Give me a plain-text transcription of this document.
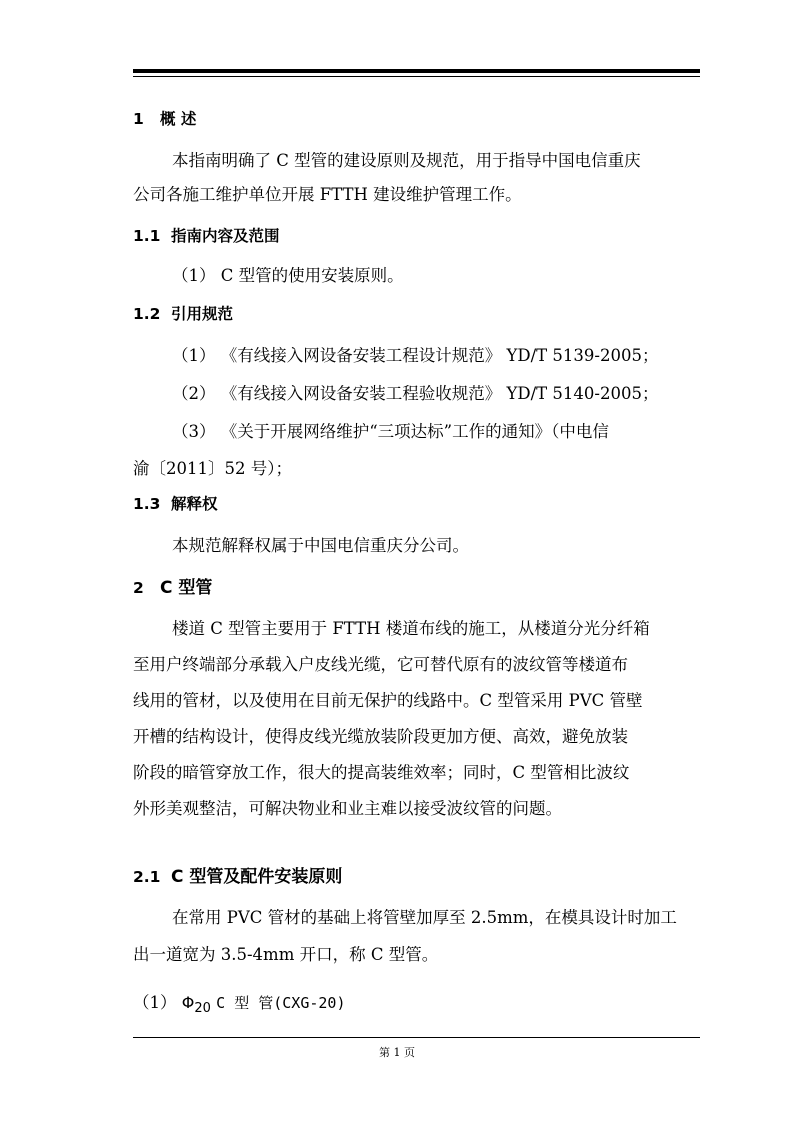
1 概 述
本指南明确了 C 型管的建设原则及规范，用于指导中国电信重庆
公司各施工维护单位开展 FTTH 建设维护管理工作。
1.1 指南内容及范围
（1） C 型管的使用安装原则。
1.2 引用规范
（1） 《有线接入网设备安装工程设计规范》 YD/T 5139-2005；
（2） 《有线接入网设备安装工程验收规范》 YD/T 5140-2005；
（3） 《关于开展网络维护“三项达标”工作的通知》（中电信
渝〔2011〕52 号）；
1.3 解释权
本规范解释权属于中国电信重庆分公司。
2 C 型管
楼道 C 型管主要用于 FTTH 楼道布线的施工，从楼道分光分纤箱
至用户终端部分承载入户皮线光缆，它可替代原有的波纹管等楼道布
线用的管材，以及使用在目前无保护的线路中。C 型管采用 PVC 管壁
开槽的结构设计，使得皮线光缆放装阶段更加方便、高效，避免放装
阶段的暗管穿放工作，很大的提高装维效率；同时，C 型管相比波纹
外形美观整洁，可解决物业和业主难以接受波纹管的问题。
2.1 C 型管及配件安装原则
在常用 PVC 管材的基础上将管壁加厚至 2.5mm，在模具设计时加工
出一道宽为 3.5-4mm 开口，称 C 型管。
（1） $\Phi_{20}$ C 型 管(CXG-20)
第 1 页
